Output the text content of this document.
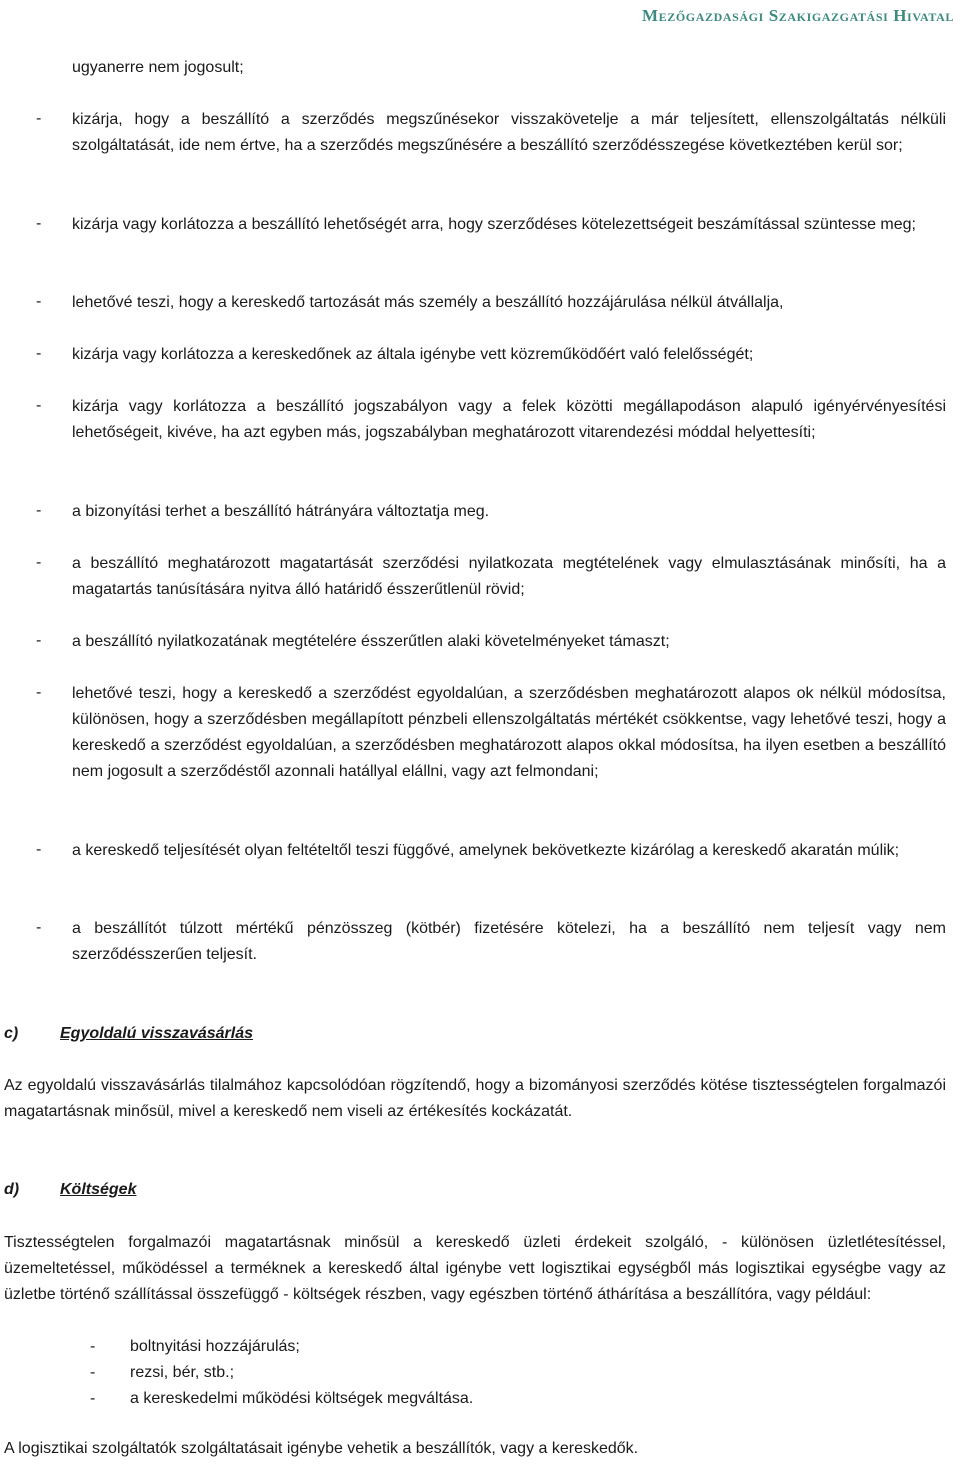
Mezőgazdasági Szakigazgatási Hivatal
ugyanerre nem jogosult;
- kizárja, hogy a beszállító a szerződés megszűnésekor visszakövetelje a már teljesített, ellenszolgáltatás nélküli szolgáltatását, ide nem értve, ha a szerződés megszűnésére a beszállító szerződésszegése következtében kerül sor;
- kizárja vagy korlátozza a beszállító lehetőségét arra, hogy szerződéses kötelezettségeit beszámítással szüntesse meg;
- lehetővé teszi, hogy a kereskedő tartozását más személy a beszállító hozzájárulása nélkül átvállalja,
- kizárja vagy korlátozza a kereskedőnek az általa igénybe vett közreműködőért való felelősségét;
- kizárja vagy korlátozza a beszállító jogszabályon vagy a felek közötti megállapodáson alapuló igényérvényesítési lehetőségeit, kivéve, ha azt egyben más, jogszabályban meghatározott vitarendezési móddal helyettesíti;
- a bizonyítási terhet a beszállító hátrányára változtatja meg.
- a beszállító meghatározott magatartását szerződési nyilatkozata megtételének vagy elmulasztásának minősíti, ha a magatartás tanúsítására nyitva álló határidő ésszerűtlenül rövid;
- a beszállító nyilatkozatának megtételére ésszerűtlen alaki követelményeket támaszt;
- lehetővé teszi, hogy a kereskedő a szerződést egyoldalúan, a szerződésben meghatározott alapos ok nélkül módosítsa, különösen, hogy a szerződésben megállapított pénzbeli ellenszolgáltatás mértékét csökkentse, vagy lehetővé teszi, hogy a kereskedő a szerződést egyoldalúan, a szerződésben meghatározott alapos okkal módosítsa, ha ilyen esetben a beszállító nem jogosult a szerződéstől azonnali hatállyal elállni, vagy azt felmondani;
- a kereskedő teljesítését olyan feltételtől teszi függővé, amelynek bekövetkezte kizárólag a kereskedő akaratán múlik;
- a beszállítót túlzott mértékű pénzösszeg (kötbér) fizetésére kötelezi, ha a beszállító nem teljesít vagy nem szerződésszerűen teljesít.
c)	Egyoldalú visszavásárlás
Az egyoldalú visszavásárlás tilalmához kapcsolódóan rögzítendő, hogy a bizományosi szerződés kötése tisztességtelen forgalmazói magatartásnak minősül, mivel a kereskedő nem viseli az értékesítés kockázatát.
d)	Költségek
Tisztességtelen forgalmazói magatartásnak minősül a kereskedő üzleti érdekeit szolgáló, - különösen üzletlétesítéssel, üzemeltetéssel, működéssel a terméknek a kereskedő által igénybe vett logisztikai egységből más logisztikai egységbe vagy az üzletbe történő szállítással összefüggő - költségek részben, vagy egészben történő áthárítása a beszállítóra, vagy például:
- boltnyitási hozzájárulás;
- rezsi, bér, stb.;
- a kereskedelmi működési költségek megváltása.
A logisztikai szolgáltatók szolgáltatásait igénybe vehetik a beszállítók, vagy a kereskedők.
